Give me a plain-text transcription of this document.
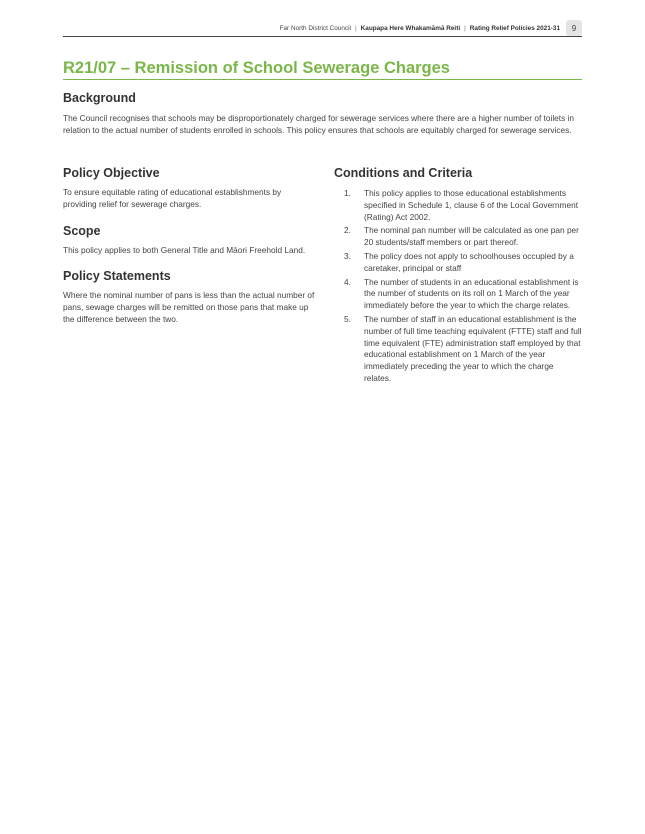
Far North District Council | Kaupapa Here Whakamāmā Reiti | Rating Relief Policies 2021-31	9
R21/07 – Remission of School Sewerage Charges
Background

The Council recognises that schools may be disproportionately charged for sewerage services where there are a higher number of toilets in relation to the actual number of students enrolled in schools. This policy ensures that schools are equitably charged for sewerage services.

Policy Objective

To ensure equitable rating of educational establishments by providing relief for sewerage charges.

Scope

This policy applies to both General Title and Māori Freehold Land.

Policy Statements

Where the nominal number of pans is less than the actual number of pans, sewage charges will be remitted on those pans that make up the difference between the two.

Conditions and Criteria
1.	This policy applies to those educational establishments specified in Schedule 1, clause 6 of the Local Government (Rating) Act 2002.
2.	The nominal pan number will be calculated as one pan per 20 students/staff members or part thereof.
3.	The policy does not apply to schoolhouses occupied by a caretaker, principal or staff
4.	The number of students in an educational establishment is the number of students on its roll on 1 March of the year immediately before the year to which the charge relates.
5.	The number of staff in an educational establishment is the number of full time teaching equivalent (FTTE) staff and full time equivalent (FTE) administration staff employed by that educational establishment on 1 March of the year immediately preceding the year to which the charge relates.
